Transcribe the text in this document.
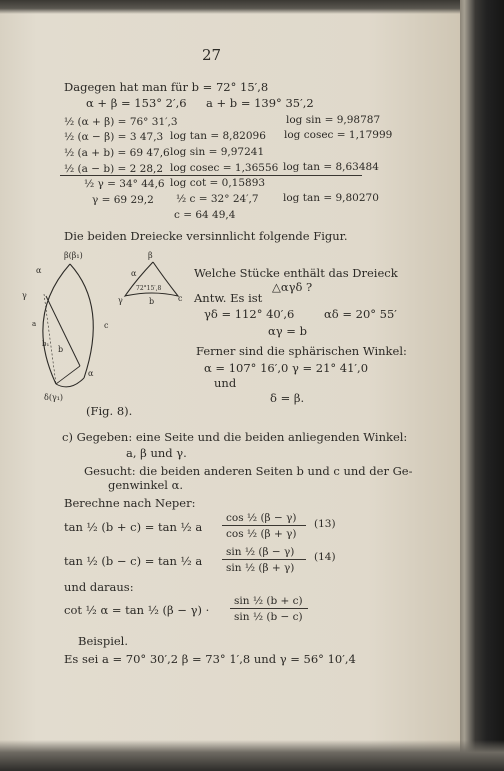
27
Dagegen hat man für b = 72° 15′,8
α + β = 153° 2′,6 a + b = 139° 35′,2
½ (α + β) = 76° 31′,3	log sin = 9,98787
½ (α − β) = 3 47,3 log tan = 8,82096 log cosec = 1,17999
½ (a + b) = 69 47,6 log sin = 9,97241
½ (a − b) = 2 28,2 log cosec = 1,36556 log tan = 8,63484
½ γ = 34° 44,6 log cot = 0,15893
γ = 69 29,2 ½ c = 32° 24′,7 log tan = 9,80270
c = 64 49,4
Die beiden Dreiecke versinnlicht folgende Figur.
β(β₁)
α
γ
a
b₁
c
b
α
δ(γ₁)
β
α
γ	b	c
72°15′,8
(Fig. 8).
Welche Stücke enthält das Dreieck
△αγδ ?
Antw. Es ist
γδ = 112° 40′,6	αδ = 20° 55′
αγ = b
Ferner sind die sphärischen Winkel:
α = 107° 16′,0 γ = 21° 41′,0
und
δ = β.
c) Gegeben: eine Seite und die beiden anliegenden Winkel:
a, β und γ.
Gesucht: die beiden anderen Seiten b und c und der Ge-
genwinkel α.
Berechne nach Neper:
tan ½ (b + c) = tan ½ a
cos ½ (β − γ)
cos ½ (β + γ)
(13)
tan ½ (b − c) = tan ½ a
sin ½ (β − γ)
sin ½ (β + γ)
(14)
und daraus:
cot ½ α = tan ½ (β − γ) ·
sin ½ (b + c)
sin ½ (b − c)
Beispiel.
Es sei a = 70° 30′,2 β = 73° 1′,8 und γ = 56° 10′,4
